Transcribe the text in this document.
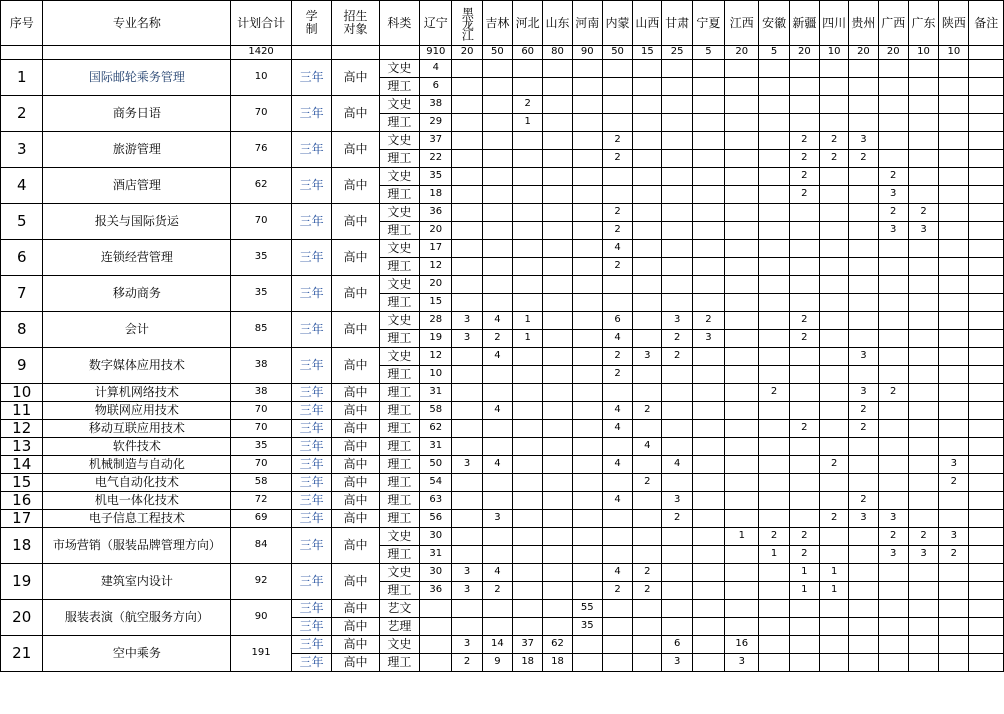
序号	专业名称	计划合计	学制	招生对象	科类	辽宁	黑龙江	吉林	河北	山东	河南	内蒙	山西	甘肃	宁夏	江西	安徽	新疆	四川	贵州	广西	广东	陕西	备注
		1420				910	20	50	60	80	90	50	15	25	5	20	5	20	10	20	20	10	10	
1	国际邮轮乘务管理	10	三年	高中	文史	4																		
					理工	6																		
2	商务日语	70	三年	高中	文史	38			2															
					理工	29			1															
3	旅游管理	76	三年	高中	文史	37						2						2	2	3				
					理工	22						2						2	2	2				
4	酒店管理	62	三年	高中	文史	35												2			2			
					理工	18												2			3			
5	报关与国际货运	70	三年	高中	文史	36						2									2	2		
					理工	20						2									3	3		
6	连锁经营管理	35	三年	高中	文史	17						4												
					理工	12						2												
7	移动商务	35	三年	高中	文史	20																		
					理工	15																		
8	会计	85	三年	高中	文史	28	3	4	1			6		3	2			2						
					理工	19	3	2	1			4		2	3			2						
9	数字媒体应用技术	38	三年	高中	文史	12		4				2	3	2						3				
					理工	10						2												
10	计算机网络技术	38	三年	高中	理工	31											2			3	2			
11	物联网应用技术	70	三年	高中	理工	58		4				4	2							2				
12	移动互联应用技术	70	三年	高中	理工	62						4						2		2				
13	软件技术	35	三年	高中	理工	31							4											
14	机械制造与自动化	70	三年	高中	理工	50	3	4				4		4					2				3	
15	电气自动化技术	58	三年	高中	理工	54							2										2	
16	机电一体化技术	72	三年	高中	理工	63						4		3						2				
17	电子信息工程技术	69	三年	高中	理工	56		3						2					2	3	3			
18	市场营销（服装品牌管理方向）	84	三年	高中	文史	30										1	2	2			2	2	3	
					理工	31											1	2			3	3	2	
19	建筑室内设计	92	三年	高中	文史	30	3	4				4	2					1	1					
					理工	36	3	2				2	2					1	1					
20	服装表演（航空服务方向）	90	三年	高中	艺文						55													
			三年	高中	艺理						35													
21	空中乘务	191	三年	高中	文史		3	14	37	62				6		16								
			三年	高中	理工		2	9	18	18				3		3								
